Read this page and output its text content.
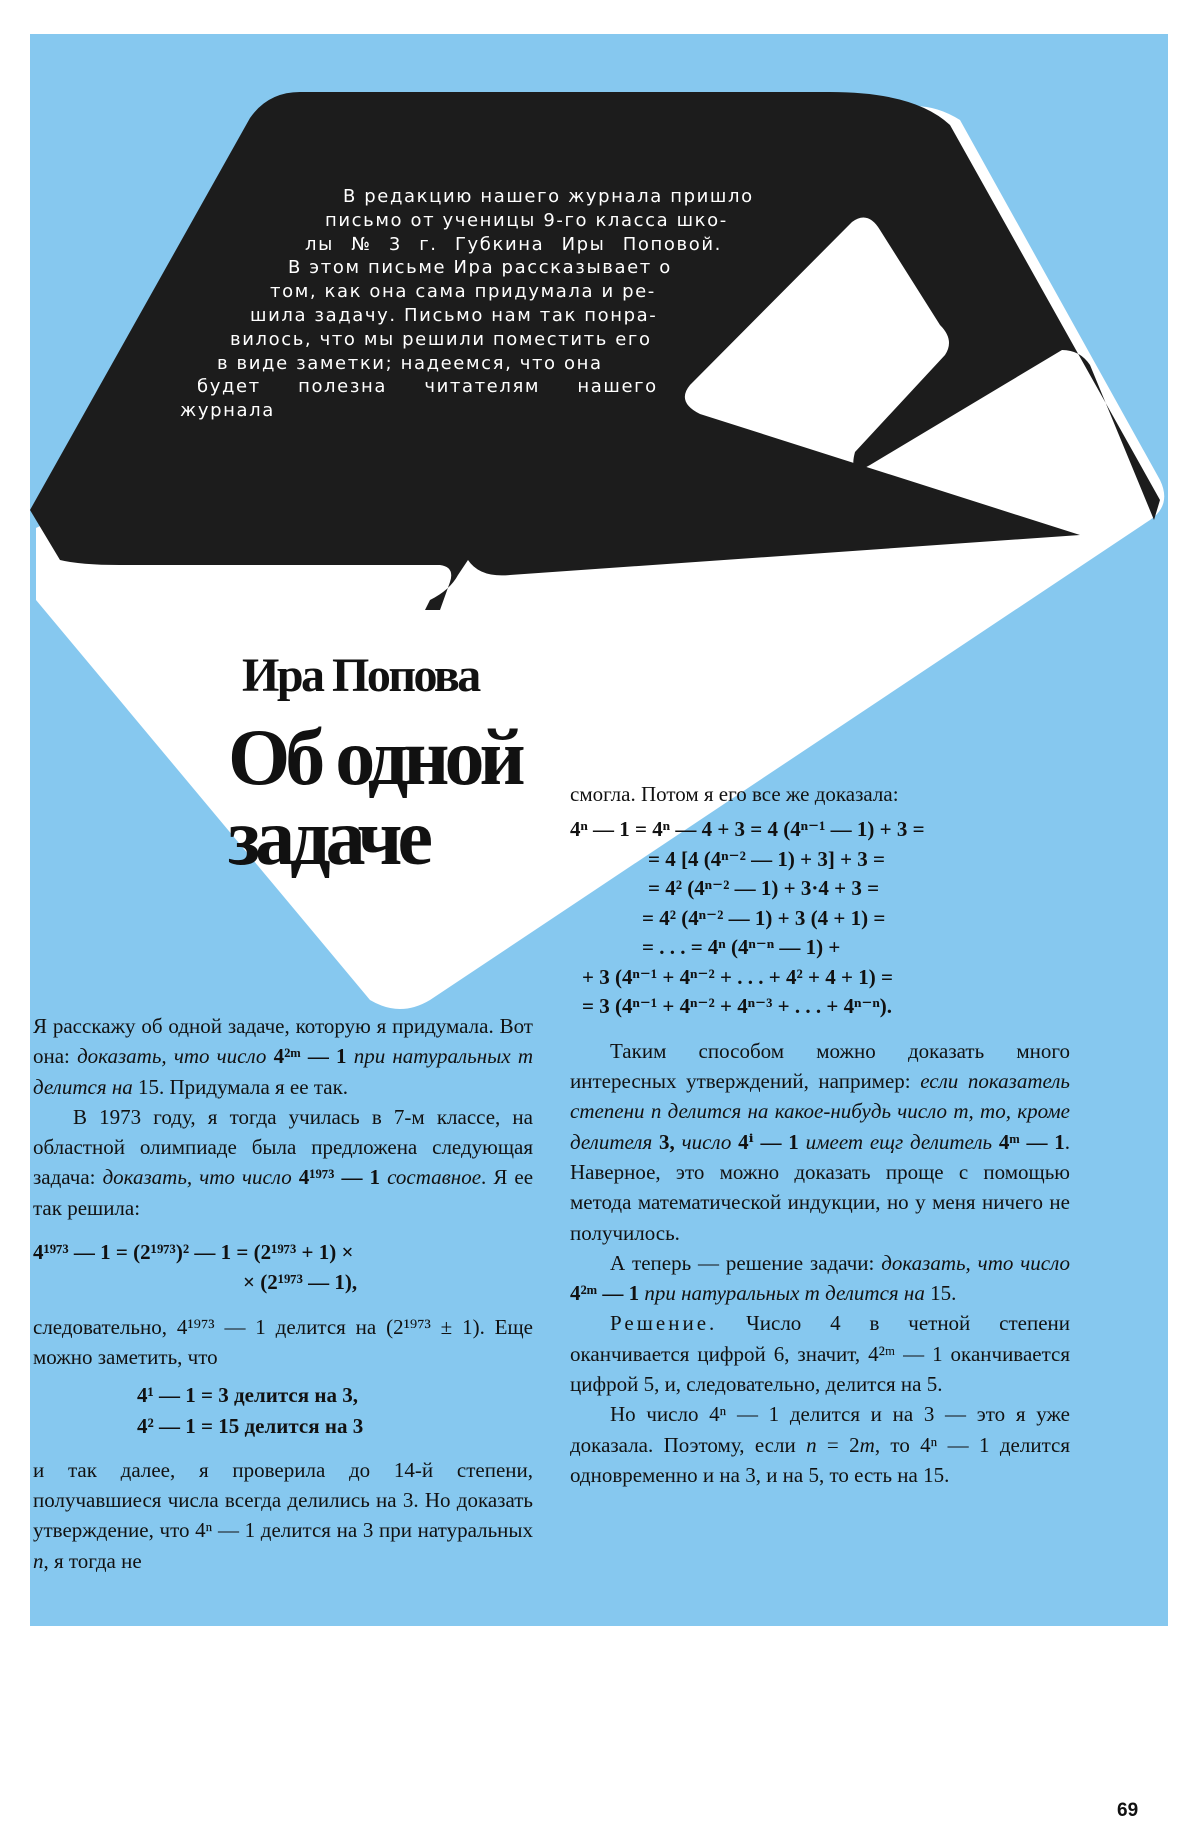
В редакцию нашего журнала пришло
письмо от ученицы 9-го класса шко-
лы № 3 г. Губкина Иры Поповой.
В этом письме Ира рассказывает о
том, как она сама придумала и ре-
шила задачу. Письмо нам так понра-
вилось, что мы решили поместить его
в виде заметки; надеемся, что она
будет полезна читателям нашего
журнала
Ира Попова
Об одной
задаче

Я расскажу об одной задаче, которую я придумала. Вот она: доказать, что число 4²ᵐ — 1 при натуральных m делится на 15. Придумала я ее так.

В 1973 году, я тогда училась в 7-м классе, на областной олимпиаде была предложена следующая задача: доказать, что число 4¹⁹⁷³ — 1 составное. Я ее так решила:

4¹⁹⁷³ — 1 = (2¹⁹⁷³)² — 1 = (2¹⁹⁷³ + 1) ×
× (2¹⁹⁷³ — 1),

следовательно, 4¹⁹⁷³ — 1 делится на (2¹⁹⁷³ ± 1). Еще можно заметить, что

4¹ — 1 = 3 делится на 3,
4² — 1 = 15 делится на 3

и так далее, я проверила до 14-й степени, получавшиеся числа всегда делились на 3. Но доказать утверждение, что 4ⁿ — 1 делится на 3 при натуральных n, я тогда не

смогла. Потом я его все же доказала:

4ⁿ — 1 = 4ⁿ — 4 + 3 = 4 (4ⁿ⁻¹ — 1) + 3 =
= 4 [4 (4ⁿ⁻² — 1) + 3] + 3 =
= 4² (4ⁿ⁻² — 1) + 3·4 + 3 =
= 4² (4ⁿ⁻² — 1) + 3 (4 + 1) =
= . . . = 4ⁿ (4ⁿ⁻ⁿ — 1) +
+ 3 (4ⁿ⁻¹ + 4ⁿ⁻² + . . . + 4² + 4 + 1) =
= 3 (4ⁿ⁻¹ + 4ⁿ⁻² + 4ⁿ⁻³ + . . . + 4ⁿ⁻ⁿ).

Таким способом можно доказать много интересных утверждений, например: если показатель степени n делится на какое-нибудь число m, то, кроме делителя 3, число 4ⁱ — 1 имеет ещг делитель 4ᵐ — 1. Наверное, это можно доказать проще с помощью метода математической индукции, но у меня ничего не получилось.

А теперь — решение задачи: доказать, что число 4²ᵐ — 1 при натуральных m делится на 15.

Решение. Число 4 в четной степени оканчивается цифрой 6, значит, 4²ᵐ — 1 оканчивается цифрой 5, и, следовательно, делится на 5.

Но число 4ⁿ — 1 делится и на 3 — это я уже доказала. Поэтому, если n = 2m, то 4ⁿ — 1 делится одновременно и на 3, и на 5, то есть на 15.

69
